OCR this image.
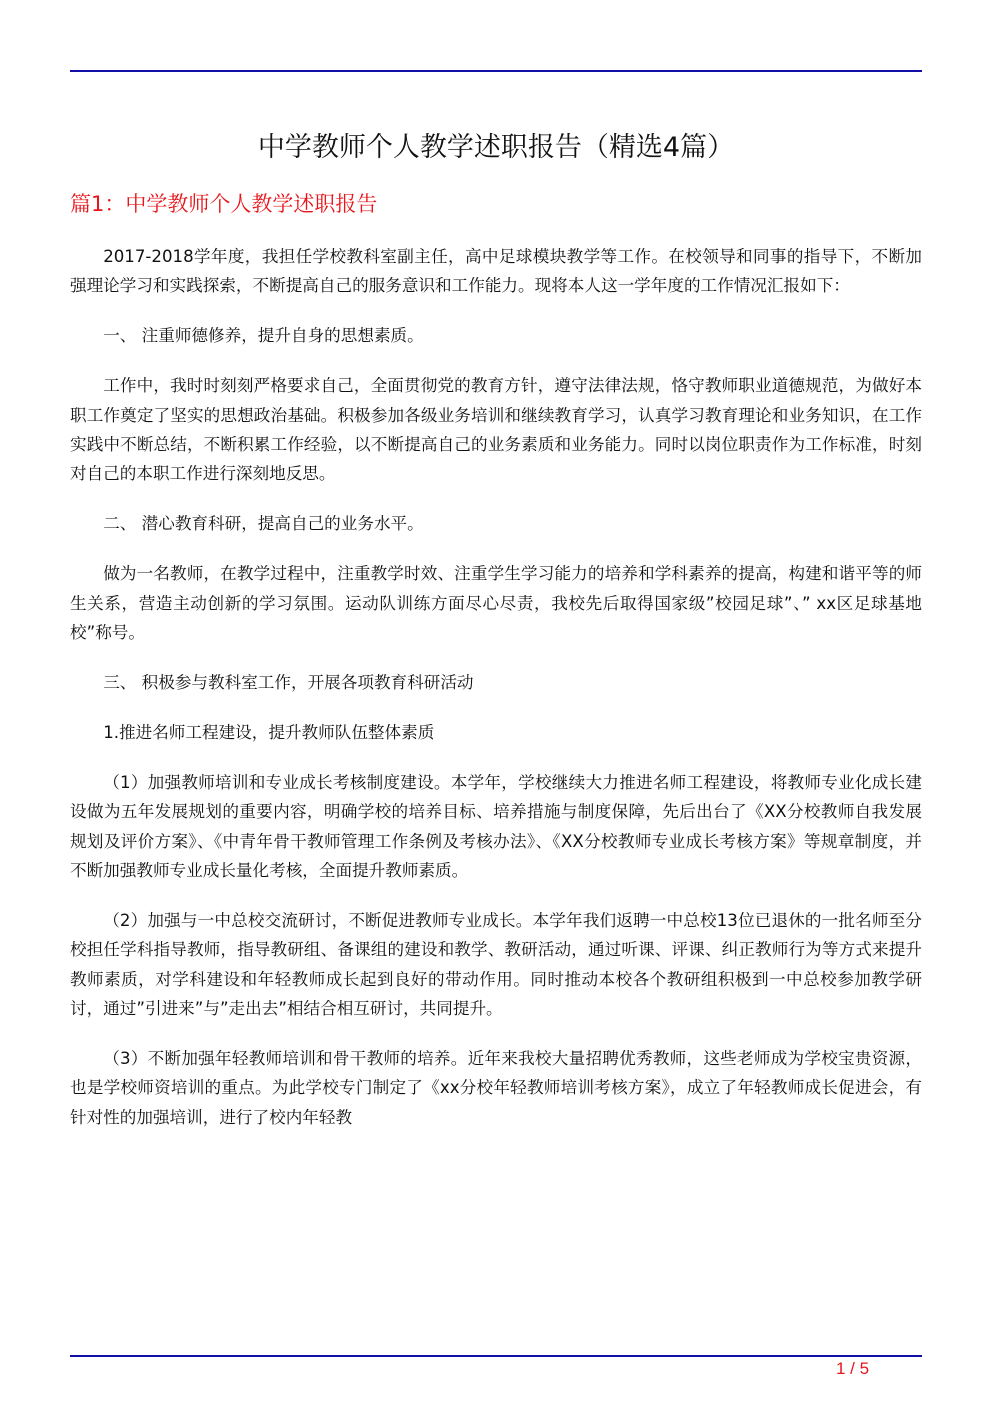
中学教师个人教学述职报告（精选4篇）
篇1：中学教师个人教学述职报告

2017-2018学年度，我担任学校教科室副主任，高中足球模块教学等工作。在校领导和同事的指导下，不断加强理论学习和实践探索，不断提高自己的服务意识和工作能力。现将本人这一学年度的工作情况汇报如下：

一、 注重师德修养，提升自身的思想素质。

工作中，我时时刻刻严格要求自己，全面贯彻党的教育方针，遵守法律法规，恪守教师职业道德规范，为做好本职工作奠定了坚实的思想政治基础。积极参加各级业务培训和继续教育学习，认真学习教育理论和业务知识，在工作实践中不断总结，不断积累工作经验，以不断提高自己的业务素质和业务能力。同时以岗位职责作为工作标准，时刻对自己的本职工作进行深刻地反思。

二、 潜心教育科研，提高自己的业务水平。

做为一名教师，在教学过程中，注重教学时效、注重学生学习能力的培养和学科素养的提高，构建和谐平等的师生关系，营造主动创新的学习氛围。运动队训练方面尽心尽责，我校先后取得国家级”校园足球”、” xx区足球基地校”称号。

三、 积极参与教科室工作，开展各项教育科研活动

1.推进名师工程建设，提升教师队伍整体素质

（1）加强教师培训和专业成长考核制度建设。本学年，学校继续大力推进名师工程建设，将教师专业化成长建设做为五年发展规划的重要内容，明确学校的培养目标、培养措施与制度保障，先后出台了《XX分校教师自我发展规划及评价方案》、《中青年骨干教师管理工作条例及考核办法》、《XX分校教师专业成长考核方案》等规章制度，并不断加强教师专业成长量化考核，全面提升教师素质。

（2）加强与一中总校交流研讨，不断促进教师专业成长。本学年我们返聘一中总校13位已退休的一批名师至分校担任学科指导教师，指导教研组、备课组的建设和教学、教研活动，通过听课、评课、纠正教师行为等方式来提升教师素质，对学科建设和年轻教师成长起到良好的带动作用。同时推动本校各个教研组积极到一中总校参加教学研讨，通过”引进来”与”走出去”相结合相互研讨，共同提升。

（3）不断加强年轻教师培训和骨干教师的培养。近年来我校大量招聘优秀教师，这些老师成为学校宝贵资源，也是学校师资培训的重点。为此学校专门制定了《xx分校年轻教师培训考核方案》，成立了年轻教师成长促进会，有针对性的加强培训，进行了校内年轻教

1 / 5
